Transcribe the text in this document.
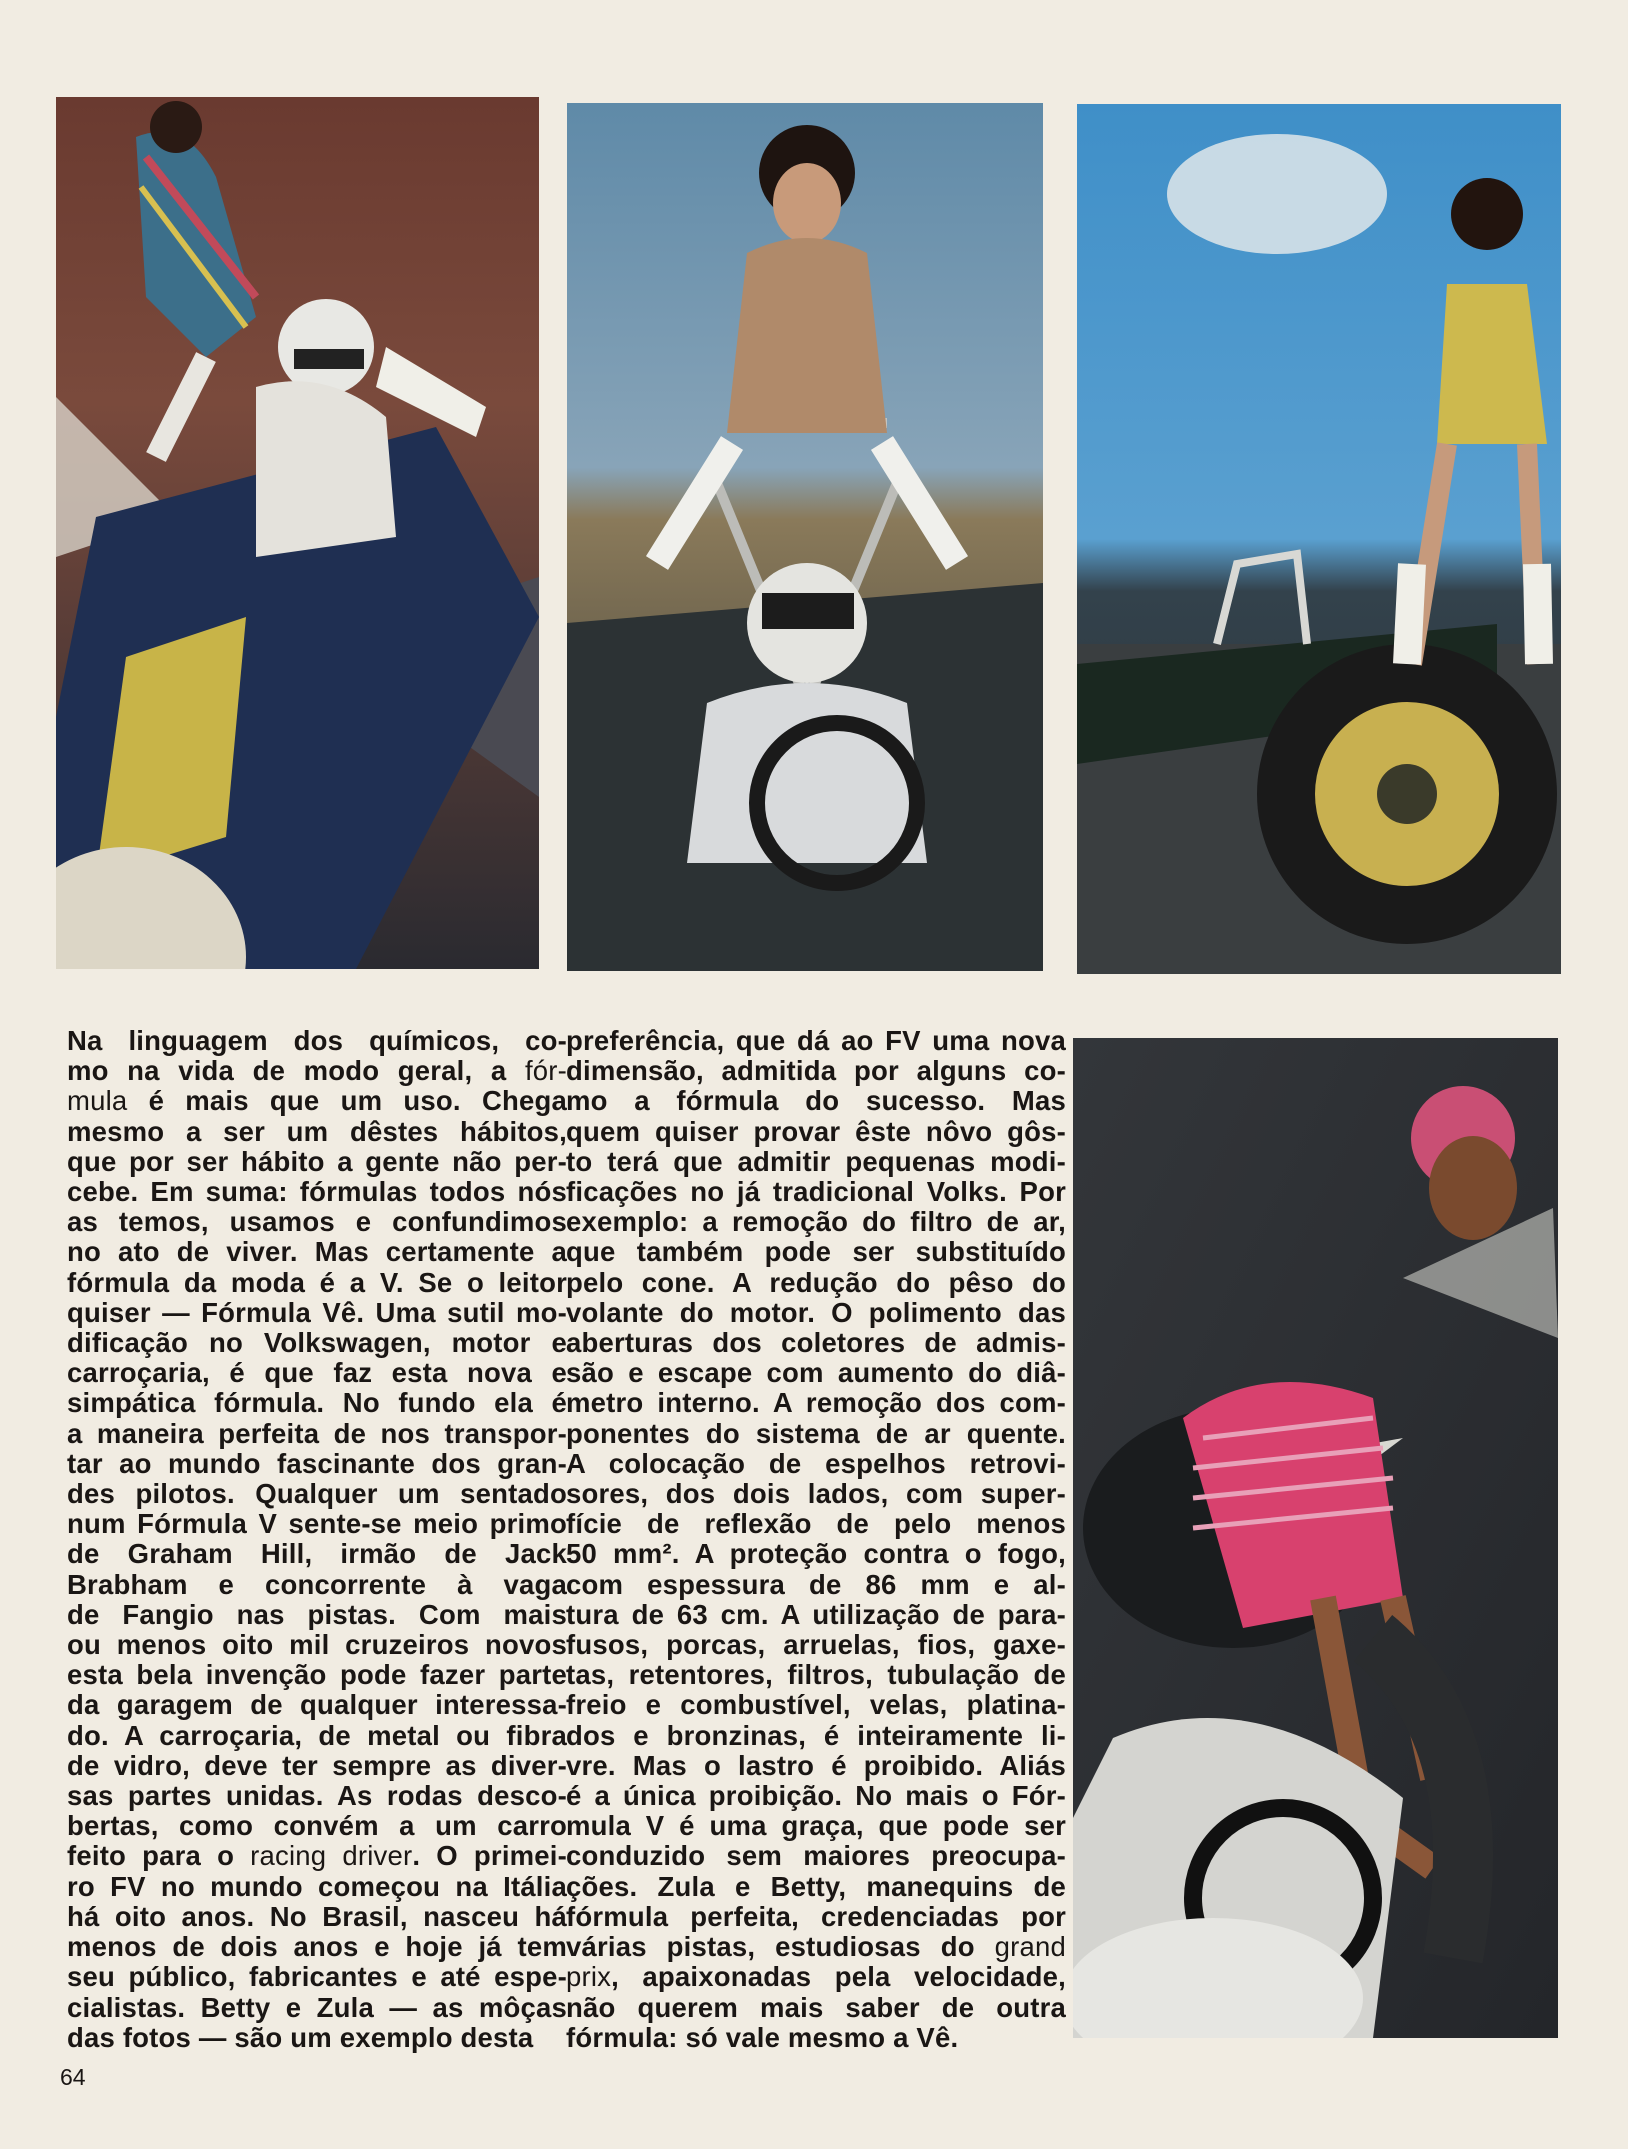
Na linguagem dos químicos, co-
mo na vida de modo geral, a fór-
mula é mais que um uso. Chega
mesmo a ser um dêstes hábitos,
que por ser hábito a gente não per-
cebe. Em suma: fórmulas todos nós
as temos, usamos e confundimos
no ato de viver. Mas certamente a
fórmula da moda é a V. Se o leitor
quiser — Fórmula Vê. Uma sutil mo-
dificação no Volkswagen, motor e
carroçaria, é que faz esta nova e
simpática fórmula. No fundo ela é
a maneira perfeita de nos transpor-
tar ao mundo fascinante dos gran-
des pilotos. Qualquer um sentado
num Fórmula V sente-se meio primo
de Graham Hill, irmão de Jack
Brabham e concorrente à vaga
de Fangio nas pistas. Com mais
ou menos oito mil cruzeiros novos
esta bela invenção pode fazer parte
da garagem de qualquer interessa-
do. A carroçaria, de metal ou fibra
de vidro, deve ter sempre as diver-
sas partes unidas. As rodas desco-
bertas, como convém a um carro
feito para o racing driver. O primei-
ro FV no mundo começou na Itália
há oito anos. No Brasil, nasceu há
menos de dois anos e hoje já tem
seu público, fabricantes e até espe-
cialistas. Betty e Zula — as môças
das fotos — são um exemplo desta
preferência, que dá ao FV uma nova
dimensão, admitida por alguns co-
mo a fórmula do sucesso. Mas
quem quiser provar êste nôvo gôs-
to terá que admitir pequenas modi-
ficações no já tradicional Volks. Por
exemplo: a remoção do filtro de ar,
que também pode ser substituído
pelo cone. A redução do pêso do
volante do motor. O polimento das
aberturas dos coletores de admis-
são e escape com aumento do diâ-
metro interno. A remoção dos com-
ponentes do sistema de ar quente.
A colocação de espelhos retrovi-
sores, dos dois lados, com super-
fície de reflexão de pelo menos
50 mm². A proteção contra o fogo,
com espessura de 86 mm e al-
tura de 63 cm. A utilização de para-
fusos, porcas, arruelas, fios, gaxe-
tas, retentores, filtros, tubulação de
freio e combustível, velas, platina-
dos e bronzinas, é inteiramente li-
vre. Mas o lastro é proibido. Aliás
é a única proibição. No mais o Fór-
mula V é uma graça, que pode ser
conduzido sem maiores preocupa-
ções. Zula e Betty, manequins de
fórmula perfeita, credenciadas por
várias pistas, estudiosas do grand
prix, apaixonadas pela velocidade,
não querem mais saber de outra
fórmula: só vale mesmo a Vê.
64
